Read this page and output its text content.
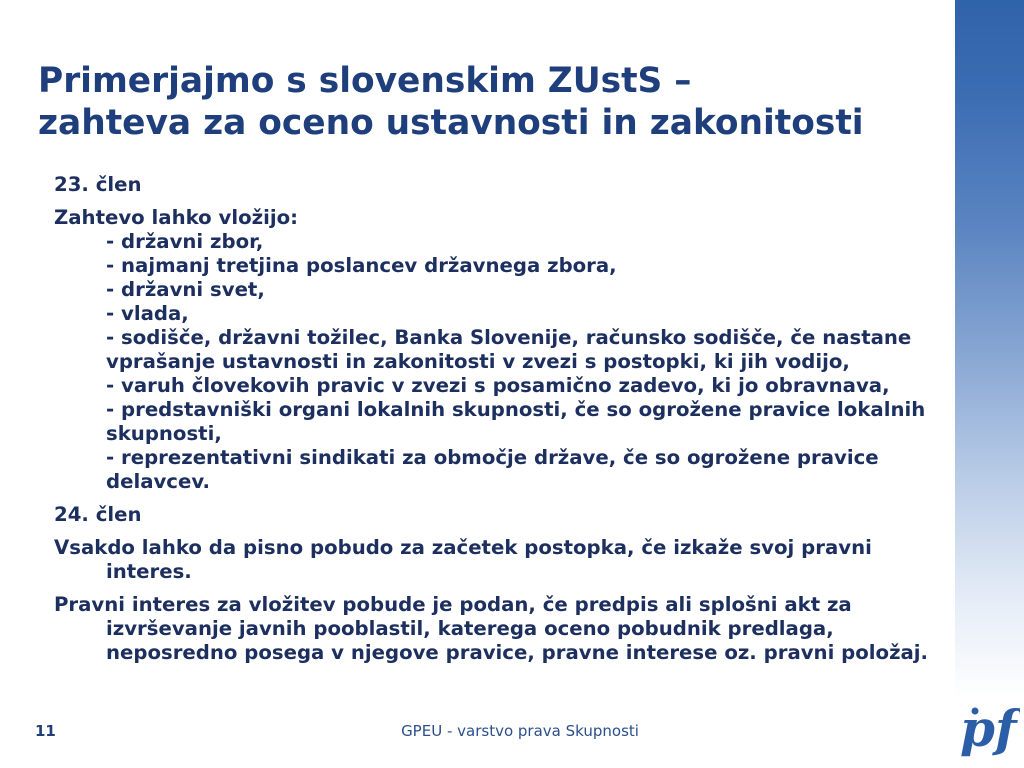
Primerjajmo s slovenskim ZUstS –
zahteva za oceno ustavnosti in zakonitosti
23. člen
Zahtevo lahko vložijo:
- državni zbor,
- najmanj tretjina poslancev državnega zbora,
- državni svet,
- vlada,
- sodišče, državni tožilec, Banka Slovenije, računsko sodišče, če nastane
vprašanje ustavnosti in zakonitosti v zvezi s postopki, ki jih vodijo,
- varuh človekovih pravic v zvezi s posamično zadevo, ki jo obravnava,
- predstavniški organi lokalnih skupnosti, če so ogrožene pravice lokalnih
skupnosti,
- reprezentativni sindikati za območje države, če so ogrožene pravice
delavcev.
24. člen
Vsakdo lahko da pisno pobudo za začetek postopka, če izkaže svoj pravni
interes.
Pravni interes za vložitev pobude je podan, če predpis ali splošni akt za
izvrševanje javnih pooblastil, katerega oceno pobudnik predlaga,
neposredno posega v njegove pravice, pravne interese oz. pravni položaj.
11	GPEU - varstvo prava Skupnosti	pf
